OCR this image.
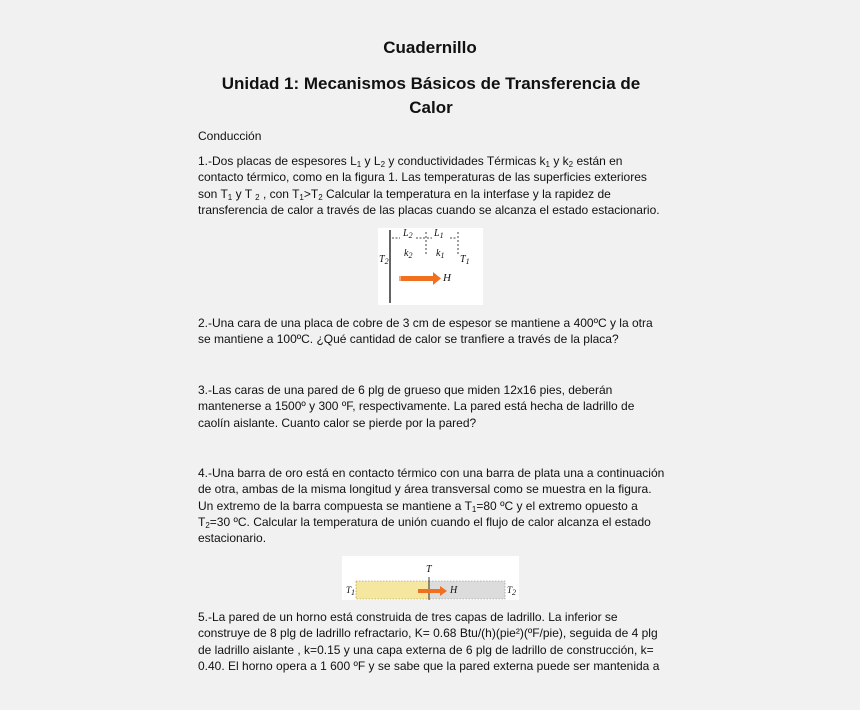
Cuadernillo
Unidad 1: Mecanismos Básicos de Transferencia de
Calor
Conducción
1.-Dos placas de espesores $L_1$ y $L_2$ y conductividades Térmicas $k_1$ y $k_2$ están en
contacto térmico, como en la figura 1. Las temperaturas de las superficies exteriores
son $T_1$ y T $_2$ , con $T_1>T_2$ Calcular la temperatura en la interfase y la rapidez de
transferencia de calor a través de las placas cuando se alcanza el estado estacionario.
$L_2$ $L_1$
$k_2$ $k_1$
$T_2$	$T_1$
H
2.-Una cara de una placa de cobre de 3 cm de espesor se mantiene a 400ºC y la otra
se mantiene a 100ºC. ¿Qué cantidad de calor se tranfiere a través de la placa?
3.-Las caras de una pared de 6 plg de grueso que miden 12x16 pies, deberán
mantenerse a 1500º y 300 ºF, respectivamente. La pared está hecha de ladrillo de
caolín aislante. Cuanto calor se pierde por la pared?
4.-Una barra de oro está en contacto térmico con una barra de plata una a continuación
de otra, ambas de la misma longitud y área transversal como se muestra en la figura.
Un extremo de la barra compuesta se mantiene a $T_1=80$ ºC y el extremo opuesto a
$T_2=30$ ºC. Calcular la temperatura de unión cuando el flujo de calor alcanza el estado
estacionario.
T
$T_1$	$T_2$
H
5.-La pared de un horno está construida de tres capas de ladrillo. La inferior se
construye de 8 plg de ladrillo refractario, K= 0.68 Btu/(h)(pie²)(ºF/pie), seguida de 4 plg
de ladrillo aislante , k=0.15 y una capa externa de 6 plg de ladrillo de construcción, k=
0.40. El horno opera a 1 600 ºF y se sabe que la pared externa puede ser mantenida a
